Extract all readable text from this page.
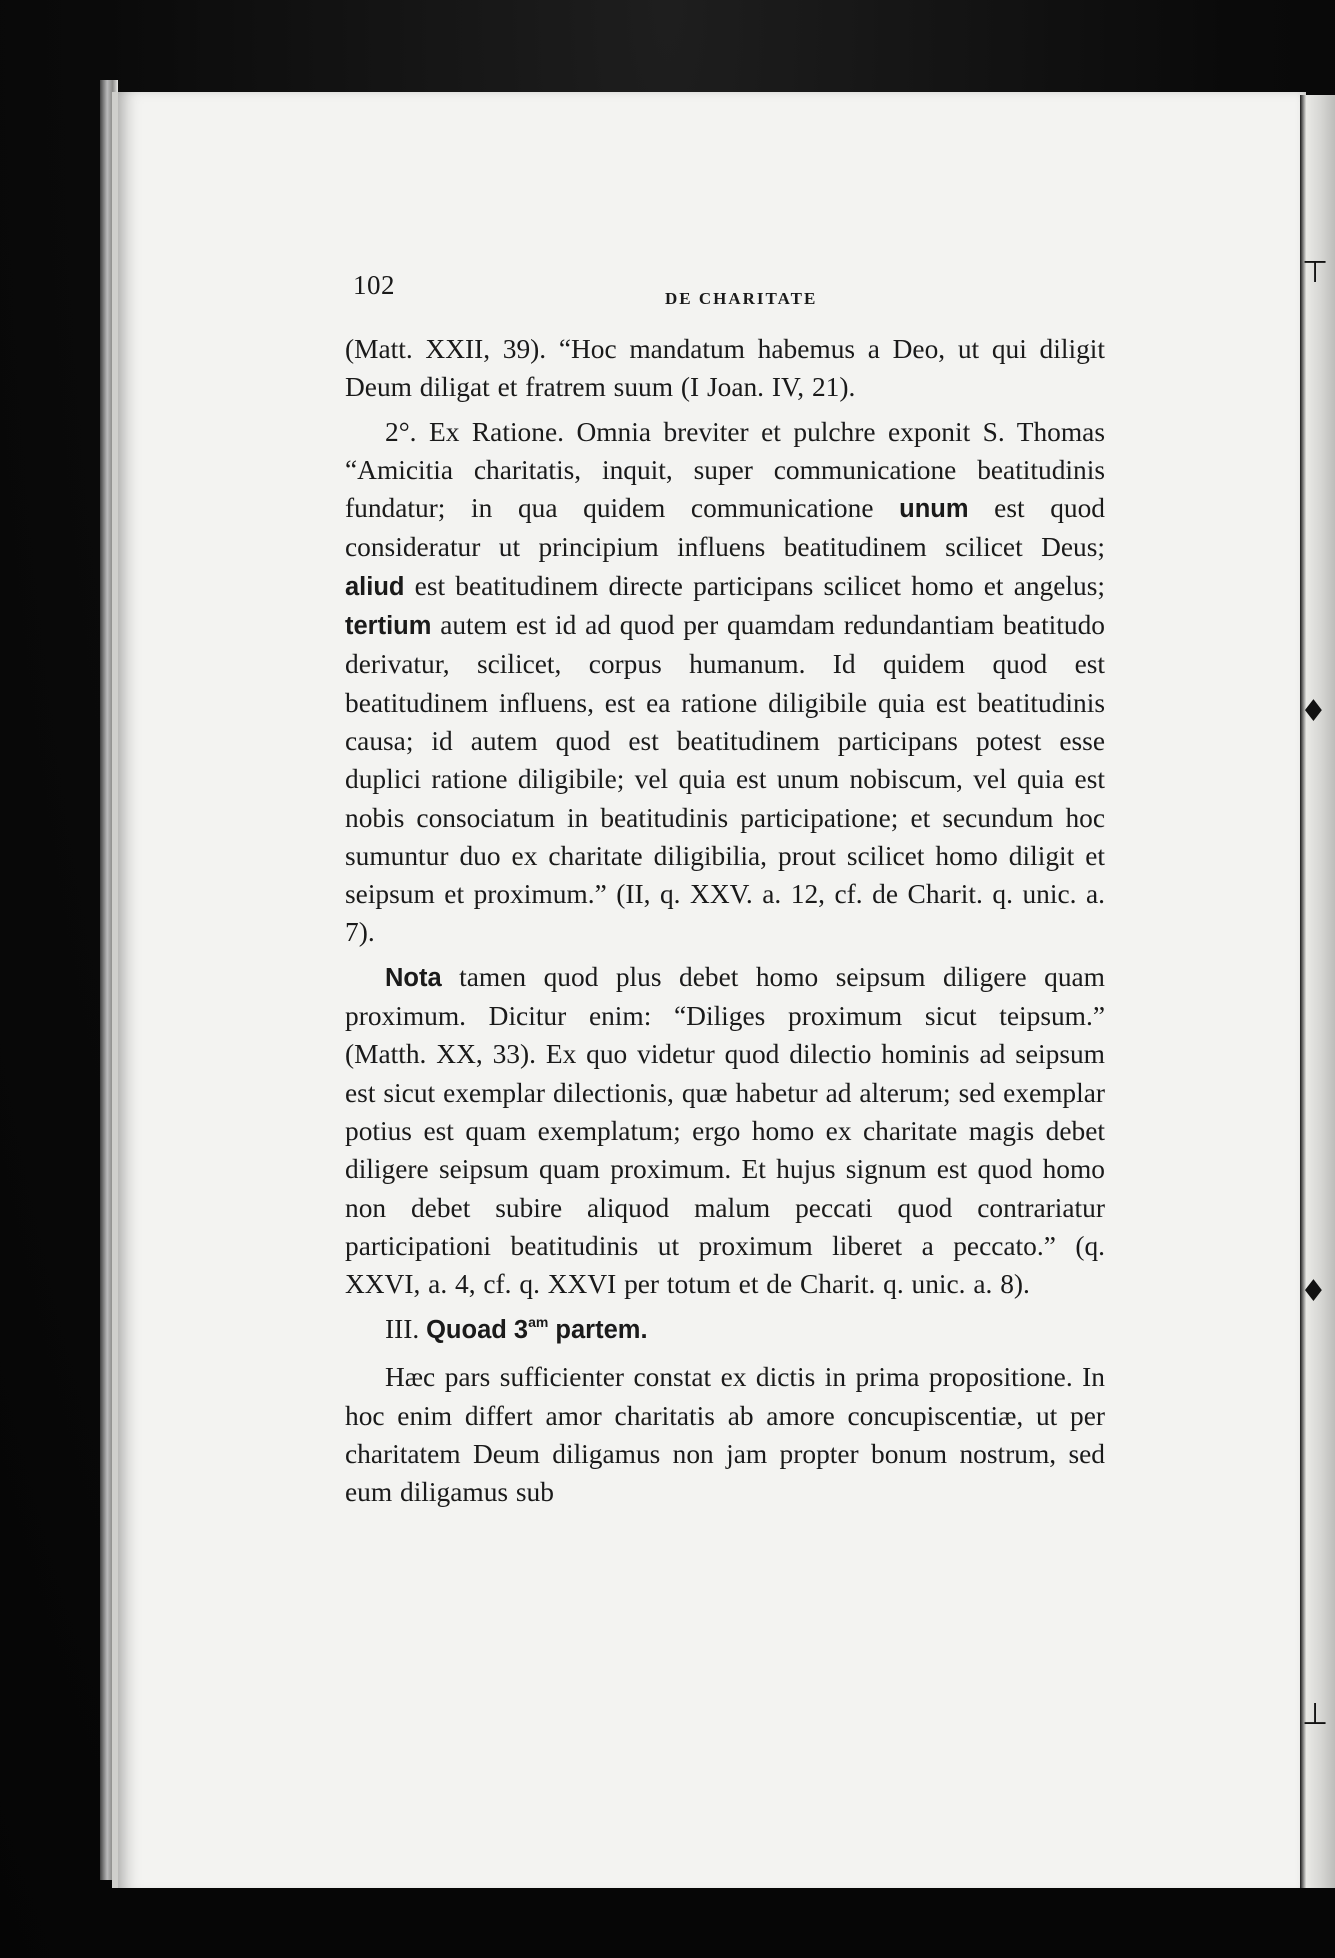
⊤
♦
♦
⊥
102	DE CHARITATE

(Matt. XXII, 39). “Hoc mandatum habemus a Deo, ut qui diligit Deum diligat et fratrem suum (I Joan. IV, 21).

2°. Ex Ratione. Omnia breviter et pulchre exponit S. Thomas “Amicitia charitatis, inquit, super communicatione beatitudinis fundatur; in qua quidem communicatione unum est quod consideratur ut principium influens beatitudinem scilicet Deus; aliud est beatitudinem directe participans scilicet homo et angelus; tertium autem est id ad quod per quamdam redundantiam beatitudo derivatur, scilicet, corpus humanum. Id quidem quod est beatitudinem influens, est ea ratione diligibile quia est beatitudinis causa; id autem quod est beatitudinem participans potest esse duplici ratione diligibile; vel quia est unum nobiscum, vel quia est nobis consociatum in beatitudinis participatione; et secundum hoc sumuntur duo ex charitate diligibilia, prout scilicet homo diligit et seipsum et proximum.” (II, q. XXV. a. 12, cf. de Charit. q. unic. a. 7).

Nota tamen quod plus debet homo seipsum diligere quam proximum. Dicitur enim: “Diliges proximum sicut teipsum.” (Matth. XX, 33). Ex quo videtur quod dilectio hominis ad seipsum est sicut exemplar dilectionis, quæ habetur ad alterum; sed exemplar potius est quam exemplatum; ergo homo ex charitate magis debet diligere seipsum quam proximum. Et hujus signum est quod homo non debet subire aliquod malum peccati quod contrariatur participationi beatitudinis ut proximum liberet a peccato.” (q. XXVI, a. 4, cf. q. XXVI per totum et de Charit. q. unic. a. 8).

III. Quoad $3^{am}$ partem.

Hæc pars sufficienter constat ex dictis in prima propositione. In hoc enim differt amor charitatis ab amore concupiscentiæ, ut per charitatem Deum diligamus non jam propter bonum nostrum, sed eum diligamus sub
